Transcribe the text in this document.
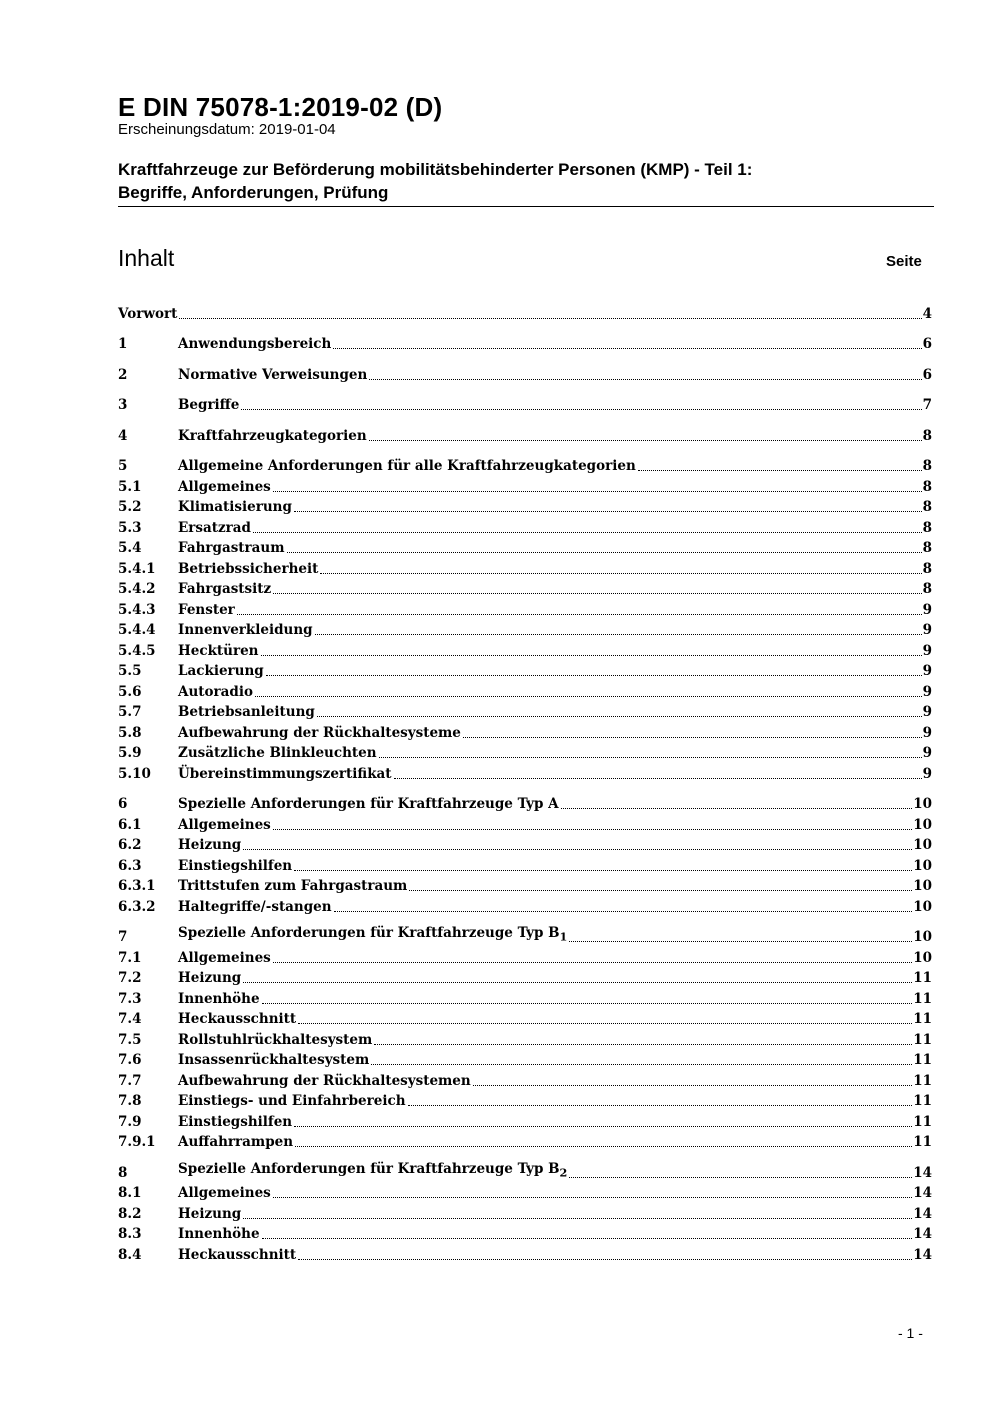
E DIN 75078-1:2019-02 (D)
Erscheinungsdatum: 2019-01-04
Kraftfahrzeuge zur Beförderung mobilitätsbehinderter Personen (KMP) - Teil 1:
Begriffe, Anforderungen, Prüfung
Inhalt	Seite
Vorwort	4
1	Anwendungsbereich	6
2	Normative Verweisungen	6
3	Begriffe	7
4	Kraftfahrzeugkategorien	8
5	Allgemeine Anforderungen für alle Kraftfahrzeugkategorien	8
5.1	Allgemeines	8
5.2	Klimatisierung	8
5.3	Ersatzrad	8
5.4	Fahrgastraum	8
5.4.1	Betriebssicherheit	8
5.4.2	Fahrgastsitz	8
5.4.3	Fenster	9
5.4.4	Innenverkleidung	9
5.4.5	Hecktüren	9
5.5	Lackierung	9
5.6	Autoradio	9
5.7	Betriebsanleitung	9
5.8	Aufbewahrung der Rückhaltesysteme	9
5.9	Zusätzliche Blinkleuchten	9
5.10	Übereinstimmungszertifikat	9
6	Spezielle Anforderungen für Kraftfahrzeuge Typ A	10
6.1	Allgemeines	10
6.2	Heizung	10
6.3	Einstiegshilfen	10
6.3.1	Trittstufen zum Fahrgastraum	10
6.3.2	Haltegriffe/-stangen	10
7	Spezielle Anforderungen für Kraftfahrzeuge Typ $B_1$	10
7.1	Allgemeines	10
7.2	Heizung	11
7.3	Innenhöhe	11
7.4	Heckausschnitt	11
7.5	Rollstuhlrückhaltesystem	11
7.6	Insassenrückhaltesystem	11
7.7	Aufbewahrung der Rückhaltesystemen	11
7.8	Einstiegs- und Einfahrbereich	11
7.9	Einstiegshilfen	11
7.9.1	Auffahrrampen	11
8	Spezielle Anforderungen für Kraftfahrzeuge Typ $B_2$	14
8.1	Allgemeines	14
8.2	Heizung	14
8.3	Innenhöhe	14
8.4	Heckausschnitt	14
- 1 -
